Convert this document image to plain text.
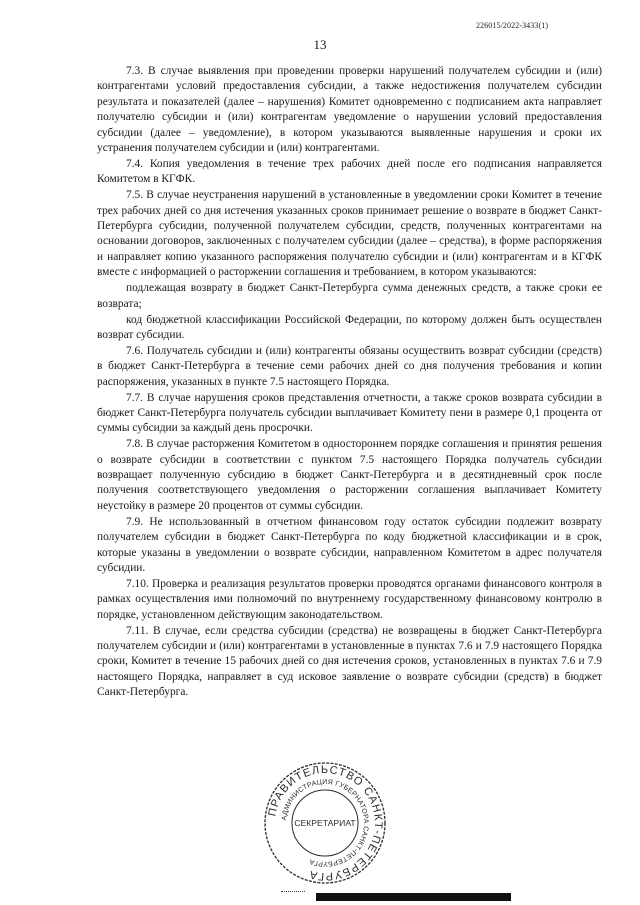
226015/2022-3433(1)
13

7.3. В случае выявления при проведении проверки нарушений получателем субсидии и (или) контрагентами условий предоставления субсидии, а также недостижения получателем субсидии результата и показателей (далее – нарушения) Комитет одновременно с подписанием акта направляет получателю субсидии и (или) контрагентам уведомление о нарушении условий предоставления субсидии (далее – уведомление), в котором указываются выявленные нарушения и сроки их устранения получателем субсидии и (или) контрагентами.

7.4. Копия уведомления в течение трех рабочих дней после его подписания направляется Комитетом в КГФК.

7.5. В случае неустранения нарушений в установленные в уведомлении сроки Комитет в течение трех рабочих дней со дня истечения указанных сроков принимает решение о возврате в бюджет Санкт-Петербурга субсидии, полученной получателем субсидии, средств, полученных контрагентами на основании договоров, заключенных с получателем субсидии (далее – средства), в форме распоряжения и направляет копию указанного распоряжения получателю субсидии и (или) контрагентам и в КГФК вместе с информацией о расторжении соглашения и требованием, в котором указываются:

подлежащая возврату в бюджет Санкт-Петербурга сумма денежных средств, а также сроки ее возврата;

код бюджетной классификации Российской Федерации, по которому должен быть осуществлен возврат субсидии.

7.6. Получатель субсидии и (или) контрагенты обязаны осуществить возврат субсидии (средств) в бюджет Санкт-Петербурга в течение семи рабочих дней со дня получения требования и копии распоряжения, указанных в пункте 7.5 настоящего Порядка.

7.7. В случае нарушения сроков представления отчетности, а также сроков возврата субсидии в бюджет Санкт-Петербурга получатель субсидии выплачивает Комитету пени в размере 0,1 процента от суммы субсидии за каждый день просрочки.

7.8. В случае расторжения Комитетом в одностороннем порядке соглашения и принятия решения о возврате субсидии в соответствии с пунктом 7.5 настоящего Порядка получатель субсидии возвращает полученную субсидию в бюджет Санкт-Петербурга и в десятидневный срок после получения соответствующего уведомления о расторжении соглашения выплачивает Комитету неустойку в размере 20 процентов от суммы субсидии.

7.9. Не использованный в отчетном финансовом году остаток субсидии подлежит возврату получателем субсидии в бюджет Санкт-Петербурга по коду бюджетной классификации и в срок, которые указаны в уведомлении о возврате субсидии, направленном Комитетом в адрес получателя субсидии.

7.10. Проверка и реализация результатов проверки проводятся органами финансового контроля в рамках осуществления ими полномочий по внутреннему государственному финансовому контролю в порядке, установленном действующим законодательством.

7.11. В случае, если средства субсидии (средства) не возвращены в бюджет Санкт-Петербурга получателем субсидии и (или) контрагентами в установленные в пунктах 7.6 и 7.9 настоящего Порядка сроки, Комитет в течение 15 рабочих дней со дня истечения сроков, установленных в пунктах 7.6 и 7.9 настоящего Порядка, направляет в суд исковое заявление о возврате субсидии (средств) в бюджет Санкт-Петербурга.

ПРАВИТЕЛЬСТВО САНКТ-ПЕТЕРБУРГА
АДМИНИСТРАЦИЯ ГУБЕРНАТОРА САНКТ-ПЕТЕРБУРГА
СЕКРЕТАРИАТ
